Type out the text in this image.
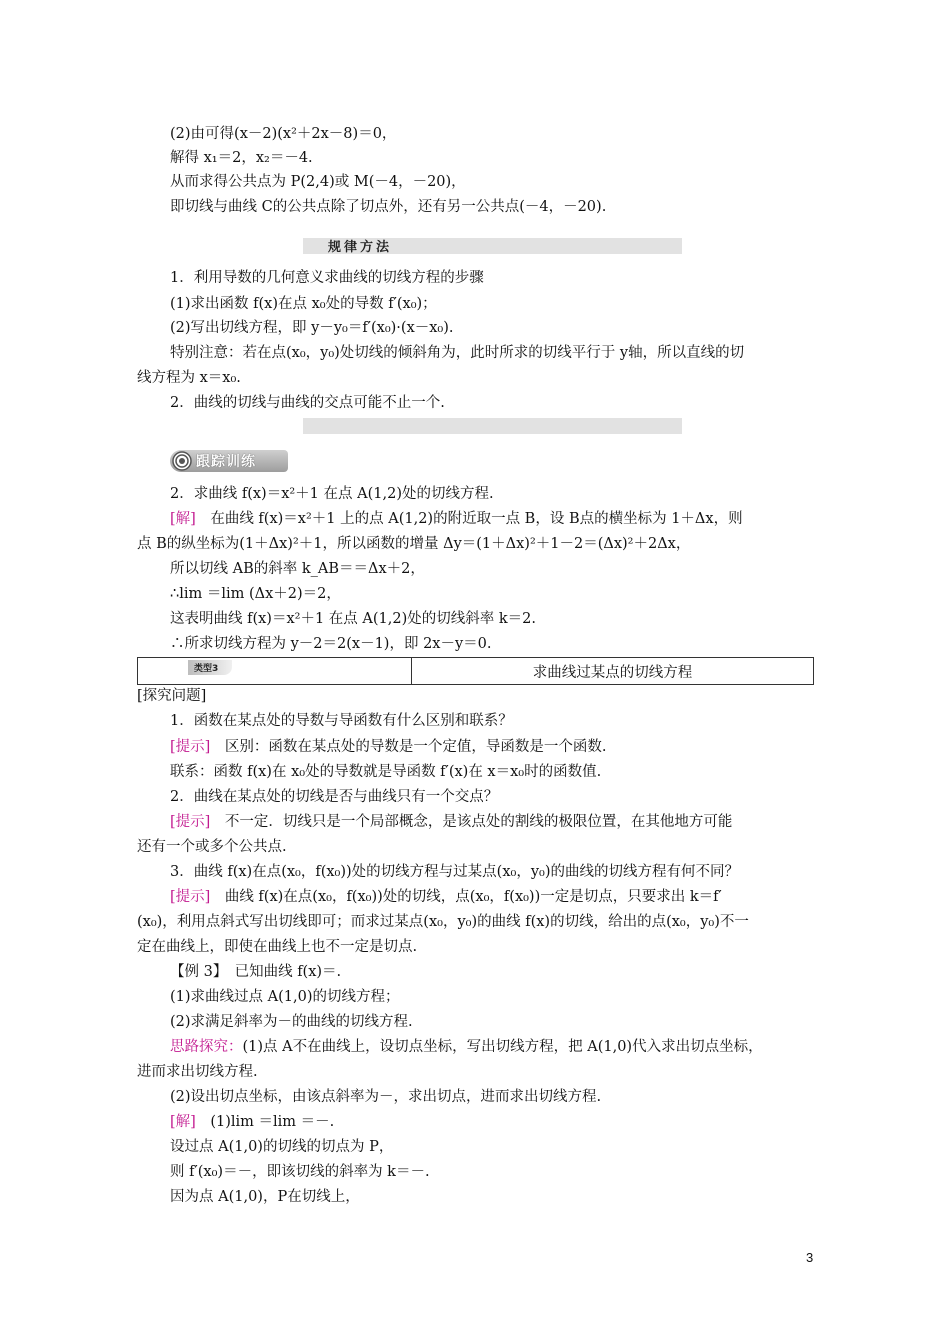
(2)由可得(x－2)(x²＋2x－8)＝0，
解得 x₁＝2，x₂＝－4.
从而求得公共点为 P(2,4)或 M(－4，－20)，
即切线与曲线 C的公共点除了切点外，还有另一公共点(－4，－20).
规律方法
1．利用导数的几何意义求曲线的切线方程的步骤
(1)求出函数 f(x)在点 x₀处的导数 f′(x₀)；
(2)写出切线方程，即 y－y₀＝f′(x₀)·(x－x₀).
特别注意：若在点(x₀，y₀)处切线的倾斜角为，此时所求的切线平行于 y轴，所以直线的切
线方程为 x＝x₀.
2．曲线的切线与曲线的交点可能不止一个.
跟踪训练
2．求曲线 f(x)＝x²＋1 在点 A(1,2)处的切线方程.
[解]　在曲线 f(x)＝x²＋1 上的点 A(1,2)的附近取一点 B，设 B点的横坐标为 1＋Δx，则
点 B的纵坐标为(1＋Δx)²＋1，所以函数的增量 Δy＝(1＋Δx)²＋1－2＝(Δx)²＋2Δx，
所以切线 AB的斜率 k_AB＝＝Δx＋2，
∴lim ＝lim (Δx＋2)＝2，
这表明曲线 f(x)＝x²＋1 在点 A(1,2)处的切线斜率 k＝2.
∴所求切线方程为 y－2＝2(x－1)，即 2x－y＝0.
类型3	求曲线过某点的切线方程
[探究问题]
1．函数在某点处的导数与导函数有什么区别和联系？
[提示]　区别：函数在某点处的导数是一个定值，导函数是一个函数.
联系：函数 f(x)在 x₀处的导数就是导函数 f′(x)在 x＝x₀时的函数值.
2．曲线在某点处的切线是否与曲线只有一个交点？
[提示]　不一定．切线只是一个局部概念，是该点处的割线的极限位置，在其他地方可能
还有一个或多个公共点.
3．曲线 f(x)在点(x₀，f(x₀))处的切线方程与过某点(x₀，y₀)的曲线的切线方程有何不同？
[提示]　曲线 f(x)在点(x₀，f(x₀))处的切线，点(x₀，f(x₀))一定是切点，只要求出 k＝f′
(x₀)，利用点斜式写出切线即可；而求过某点(x₀，y₀)的曲线 f(x)的切线，给出的点(x₀，y₀)不一
定在曲线上，即使在曲线上也不一定是切点.
【例 3】　已知曲线 f(x)＝.
(1)求曲线过点 A(1,0)的切线方程；
(2)求满足斜率为－的曲线的切线方程.
思路探究：(1)点 A不在曲线上，设切点坐标，写出切线方程，把 A(1,0)代入求出切点坐标，
进而求出切线方程.
(2)设出切点坐标，由该点斜率为－，求出切点，进而求出切线方程.
[解]　(1)lim ＝lim ＝－.
设过点 A(1,0)的切线的切点为 P，
则 f′(x₀)＝－，即该切线的斜率为 k＝－.
因为点 A(1,0)，P在切线上，
3
